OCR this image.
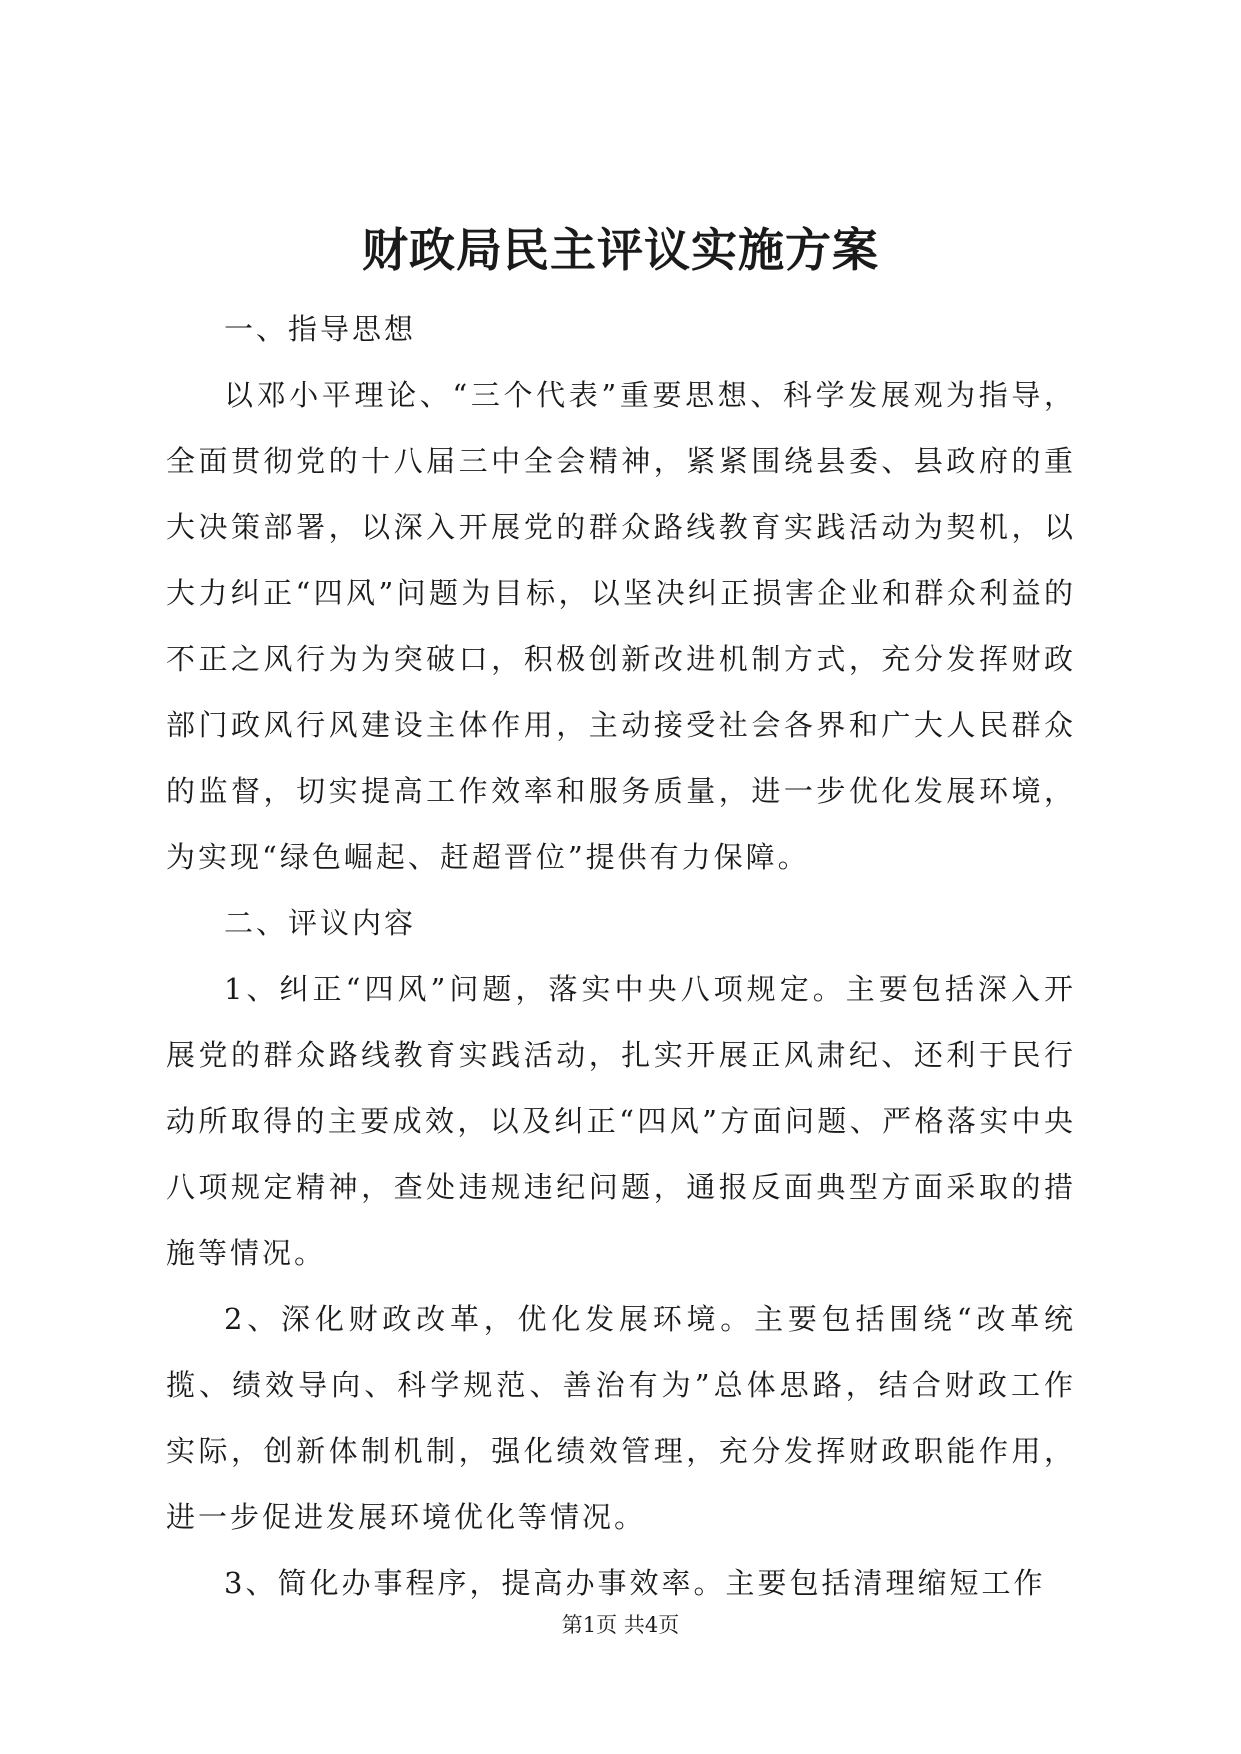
财政局民主评议实施方案

一、指导思想

以邓小平理论、“三个代表”重要思想、科学发展观为指导，全面贯彻党的十八届三中全会精神，紧紧围绕县委、县政府的重大决策部署，以深入开展党的群众路线教育实践活动为契机，以大力纠正“四风”问题为目标，以坚决纠正损害企业和群众利益的不正之风行为为突破口，积极创新改进机制方式，充分发挥财政部门政风行风建设主体作用，主动接受社会各界和广大人民群众的监督，切实提高工作效率和服务质量，进一步优化发展环境，为实现“绿色崛起、赶超晋位”提供有力保障。

二、评议内容

1、纠正“四风”问题，落实中央八项规定。主要包括深入开展党的群众路线教育实践活动，扎实开展正风肃纪、还利于民行动所取得的主要成效，以及纠正“四风”方面问题、严格落实中央八项规定精神，查处违规违纪问题，通报反面典型方面采取的措施等情况。

2、深化财政改革，优化发展环境。主要包括围绕“改革统揽、绩效导向、科学规范、善治有为”总体思路，结合财政工作实际，创新体制机制，强化绩效管理，充分发挥财政职能作用，进一步促进发展环境优化等情况。

3、简化办事程序，提高办事效率。主要包括清理缩短工作

第1页 共4页
